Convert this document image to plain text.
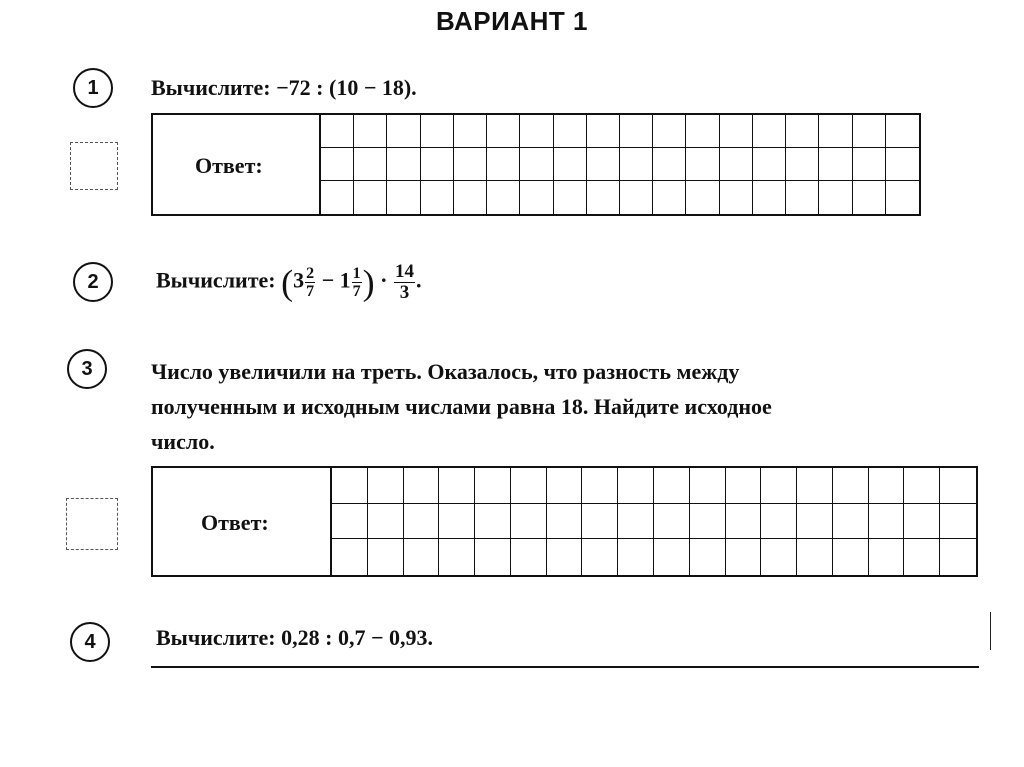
ВАРИАНТ 1
1	Вычислите: −72 : (10 − 18).
Ответ:
2	Вычислите: ($3 \frac{2}{7} - 1 \frac{1}{7}$ ) · $\frac{14}{3}$ .
3	Число увеличили на треть. Оказалось, что разность между
полученным и исходным числами равна 18. Найдите исходное
число.
Ответ:
4	Вычислите: 0,28 : 0,7 − 0,93.
